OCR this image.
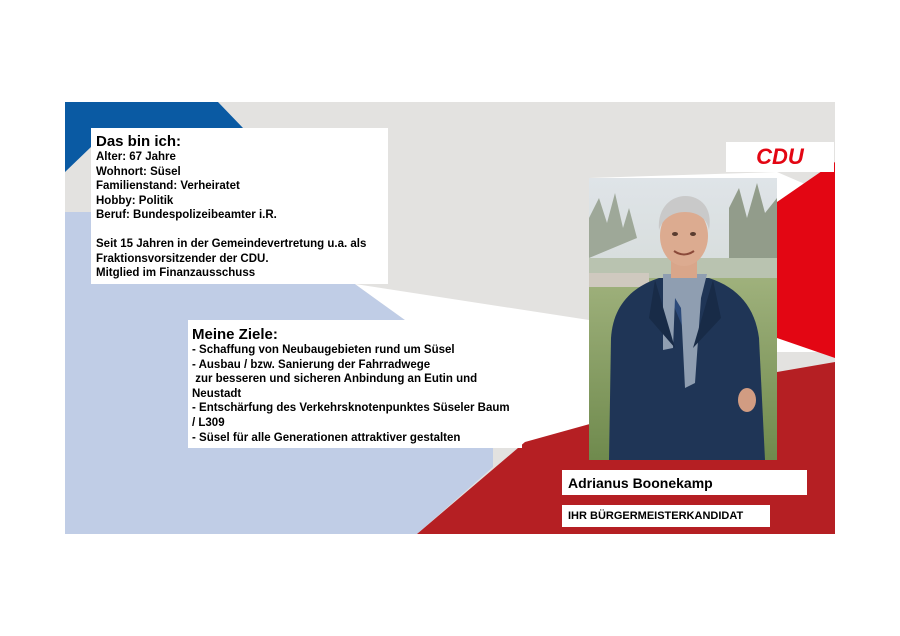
Das bin ich:
Alter: 67 Jahre
Wohnort: Süsel
Familienstand: Verheiratet
Hobby: Politik
Beruf: Bundespolizeibeamter i.R.
Seit 15 Jahren in der Gemeindevertretung u.a. als
Fraktionsvorsitzender der CDU.
Mitglied im Finanzausschuss
Meine Ziele:
- Schaffung von Neubaugebieten rund um Süsel
- Ausbau / bzw. Sanierung der Fahrradwege
zur besseren und sicheren Anbindung an Eutin und
Neustadt
- Entschärfung des Verkehrsknotenpunktes Süseler Baum
/ L309
- Süsel für alle Generationen attraktiver gestalten
CDU
Adrianus Boonekamp
IHR BÜRGERMEISTERKANDIDAT
